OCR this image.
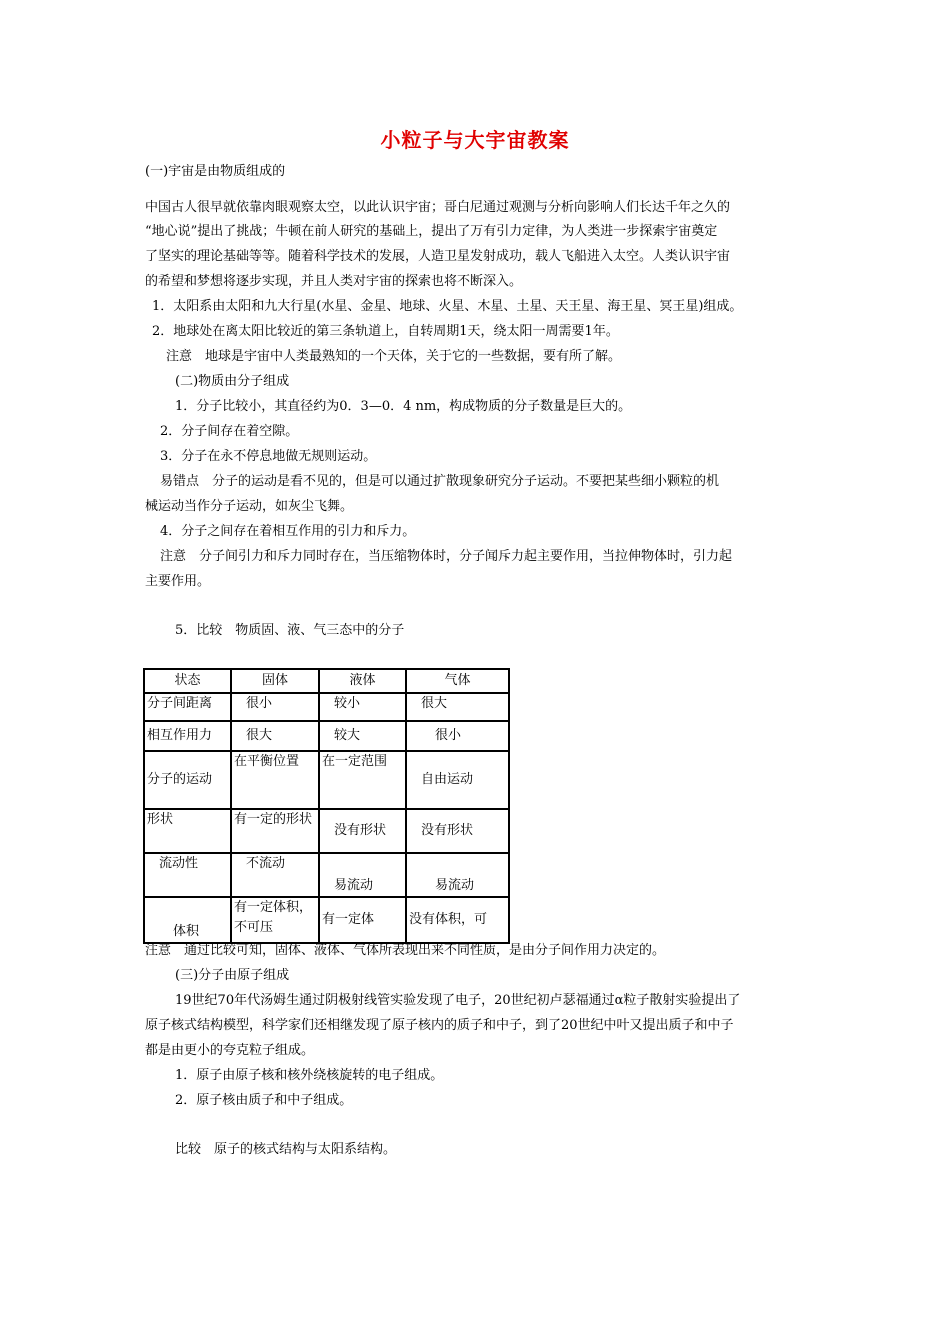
小粒子与大宇宙教案
(一)宇宙是由物质组成的
中国古人很早就依靠肉眼观察太空，以此认识宇宙；哥白尼通过观测与分析向影响人们长达千年之久的
“地心说”提出了挑战；牛顿在前人研究的基础上，提出了万有引力定律，为人类进一步探索宇宙奠定
了坚实的理论基础等等。随着科学技术的发展，人造卫星发射成功，载人飞船进入太空。人类认识宇宙
的希望和梦想将逐步实现，并且人类对宇宙的探索也将不断深入。
1．太阳系由太阳和九大行星(水星、金星、地球、火星、木星、土星、天王星、海王星、冥王星)组成。
2．地球处在离太阳比较近的第三条轨道上，自转周期1天，绕太阳一周需要1年。
注意　地球是宇宙中人类最熟知的一个天体，关于它的一些数据，要有所了解。
(二)物质由分子组成
1．分子比较小，其直径约为0．3—0．4 nm，构成物质的分子数量是巨大的。
2．分子间存在着空隙。
3．分子在永不停息地做无规则运动。
易错点　分子的运动是看不见的，但是可以通过扩散现象研究分子运动。不要把某些细小颗粒的机
械运动当作分子运动，如灰尘飞舞。
4．分子之间存在着相互作用的引力和斥力。
注意　分子间引力和斥力同时存在，当压缩物体时，分子闻斥力起主要作用，当拉伸物体时，引力起
主要作用。
5．比较　物质固、液、气三态中的分子
状态	固体	液体	气体
分子间距离	很小	较小	很大
相互作用力	很大	较大	很小
分子的运动	在平衡位置	在一定范围	自由运动
形状	有一定的形状	没有形状	没有形状
流动性	不流动	易流动	易流动
体积	有一定体积，不可压	有一定体	没有体积，可
注意　通过比较可知，固体、液体、气体所表现出来不同性质，是由分子间作用力决定的。
(三)分子由原子组成
19世纪70年代汤姆生通过阴极射线管实验发现了电子，20世纪初卢瑟福通过α粒子散射实验提出了
原子核式结构模型，科学家们还相继发现了原子核内的质子和中子，到了20世纪中叶又提出质子和中子
都是由更小的夸克粒子组成。
1．原子由原子核和核外绕核旋转的电子组成。
2．原子核由质子和中子组成。
比较　原子的核式结构与太阳系结构。
